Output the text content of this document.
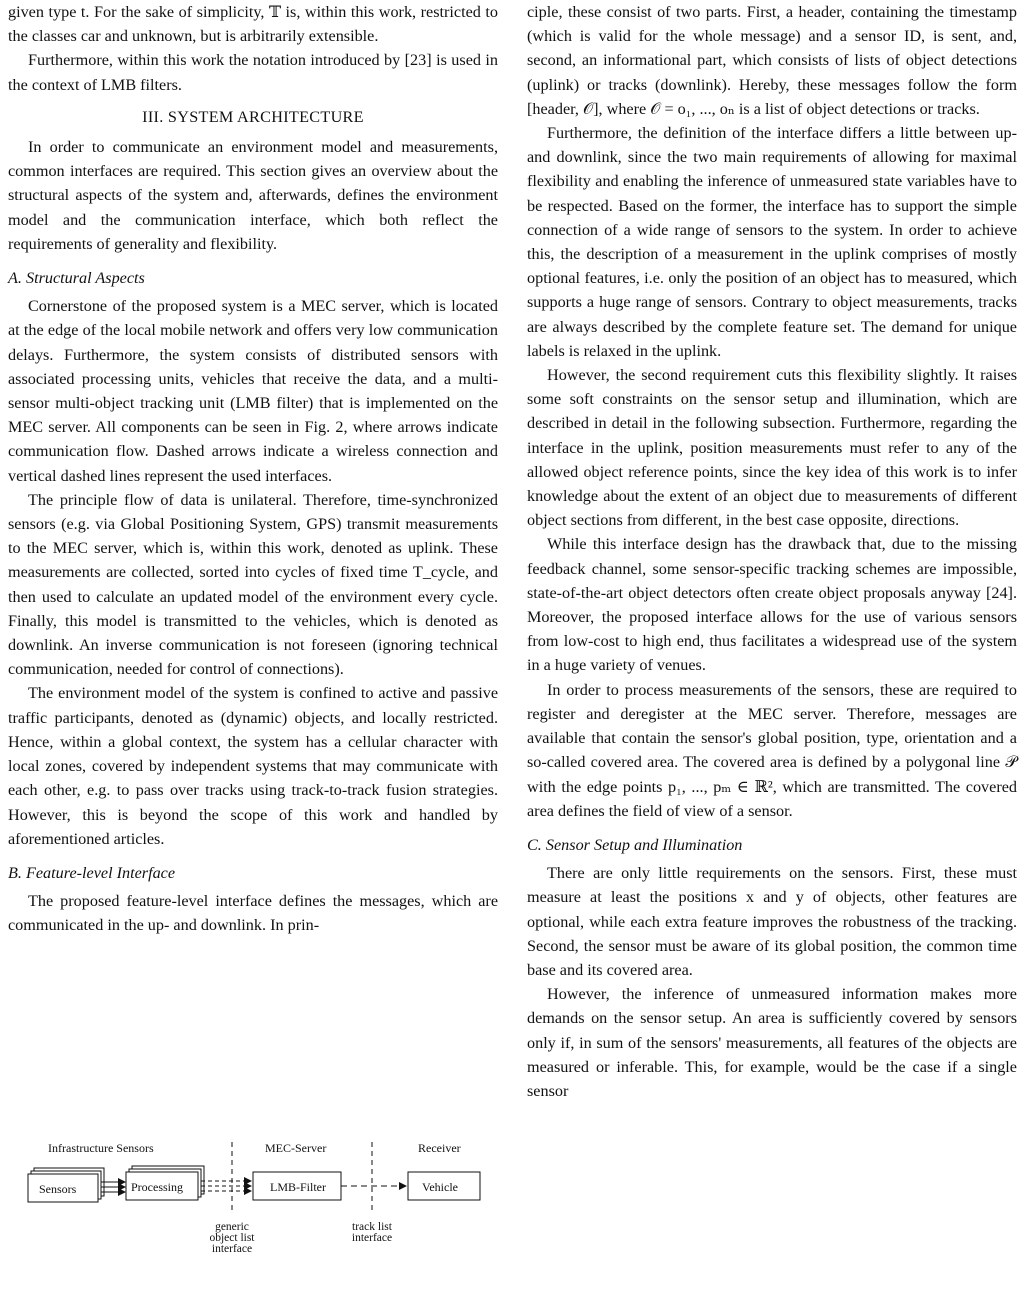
given type t. For the sake of simplicity, 𝕋 is, within this work, restricted to the classes car and unknown, but is arbitrarily extensible.

Furthermore, within this work the notation introduced by [23] is used in the context of LMB filters.

III. SYSTEM ARCHITECTURE

In order to communicate an environment model and measurements, common interfaces are required. This section gives an overview about the structural aspects of the system and, afterwards, defines the environment model and the communication interface, which both reflect the requirements of generality and flexibility.

A. Structural Aspects

Cornerstone of the proposed system is a MEC server, which is located at the edge of the local mobile network and offers very low communication delays. Furthermore, the system consists of distributed sensors with associated processing units, vehicles that receive the data, and a multi-sensor multi-object tracking unit (LMB filter) that is implemented on the MEC server. All components can be seen in Fig. 2, where arrows indicate communication flow. Dashed arrows indicate a wireless connection and vertical dashed lines represent the used interfaces.

The principle flow of data is unilateral. Therefore, time-synchronized sensors (e.g. via Global Positioning System, GPS) transmit measurements to the MEC server, which is, within this work, denoted as uplink. These measurements are collected, sorted into cycles of fixed time T_cycle, and then used to calculate an updated model of the environment every cycle. Finally, this model is transmitted to the vehicles, which is denoted as downlink. An inverse communication is not foreseen (ignoring technical communication, needed for control of connections).

The environment model of the system is confined to active and passive traffic participants, denoted as (dynamic) objects, and locally restricted. Hence, within a global context, the system has a cellular character with local zones, covered by independent systems that may communicate with each other, e.g. to pass over tracks using track-to-track fusion strategies. However, this is beyond the scope of this work and handled by aforementioned articles.

B. Feature-level Interface

The proposed feature-level interface defines the messages, which are communicated in the up- and downlink. In prin-

ciple, these consist of two parts. First, a header, containing the timestamp (which is valid for the whole message) and a sensor ID, is sent, and, second, an informational part, which consists of lists of object detections (uplink) or tracks (downlink). Hereby, these messages follow the form [header, 𝒪], where 𝒪 = o₁, ..., oₙ is a list of object detections or tracks.

Furthermore, the definition of the interface differs a little between up- and downlink, since the two main requirements of allowing for maximal flexibility and enabling the inference of unmeasured state variables have to be respected. Based on the former, the interface has to support the simple connection of a wide range of sensors to the system. In order to achieve this, the description of a measurement in the uplink comprises of mostly optional features, i.e. only the position of an object has to measured, which supports a huge range of sensors. Contrary to object measurements, tracks are always described by the complete feature set. The demand for unique labels is relaxed in the uplink.

However, the second requirement cuts this flexibility slightly. It raises some soft constraints on the sensor setup and illumination, which are described in detail in the following subsection. Furthermore, regarding the interface in the uplink, position measurements must refer to any of the allowed object reference points, since the key idea of this work is to infer knowledge about the extent of an object due to measurements of different object sections from different, in the best case opposite, directions.

While this interface design has the drawback that, due to the missing feedback channel, some sensor-specific tracking schemes are impossible, state-of-the-art object detectors often create object proposals anyway [24]. Moreover, the proposed interface allows for the use of various sensors from low-cost to high end, thus facilitates a widespread use of the system in a huge variety of venues.

In order to process measurements of the sensors, these are required to register and deregister at the MEC server. Therefore, messages are available that contain the sensor's global position, type, orientation and a so-called covered area. The covered area is defined by a polygonal line 𝒫 with the edge points p₁, ..., pₘ ∈ ℝ², which are transmitted. The covered area defines the field of view of a sensor.

C. Sensor Setup and Illumination

There are only little requirements on the sensors. First, these must measure at least the positions x and y of objects, other features are optional, while each extra feature improves the robustness of the tracking. Second, the sensor must be aware of its global position, the common time base and its covered area.

However, the inference of unmeasured information makes more demands on the sensor setup. An area is sufficiently covered by sensors only if, in sum of the sensors' measurements, all features of the objects are measured or inferable. This, for example, would be the case if a single sensor

Infrastructure Sensors	MEC-Server	Receiver
Sensors	Processing	LMB-Filter	Vehicle
generic
object list
interface
track list
interface
